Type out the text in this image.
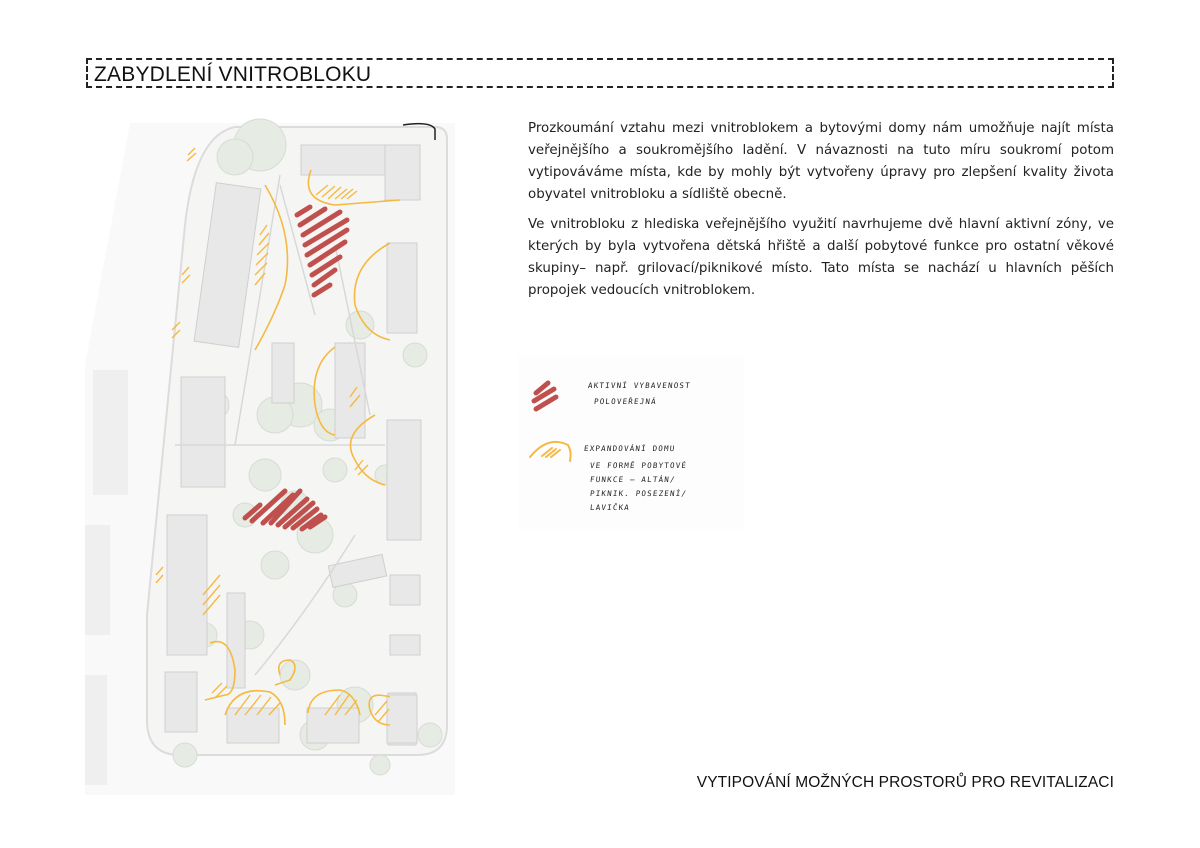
ZABYDLENÍ VNITROBLOKU

Prozkoumání vztahu mezi vnitroblokem a bytovými domy nám umožňuje najít místa veřejnějšího a soukromějšího ladění. V návaznosti na tuto míru soukromí potom vytipováváme místa, kde by mohly být vytvořeny úpravy pro zlepšení kvality života obyvatel vnitrobloku a sídliště obecně.

Ve vnitrobloku z hlediska veřejnějšího využití navrhujeme dvě hlavní aktivní zóny, ve kterých by byla vytvořena dětská hřiště a další pobytové funkce pro ostatní věkové skupiny– např. grilovací/piknikové místo. Tato místa se nachází u hlavních pěších propojek vedoucích vnitroblokem.

AKTIVNÍ VYBAVENOST
POLOVEŘEJNÁ
EXPANDOVÁNÍ DOMU
VE FORMĚ POBYTOVÉ
FUNKCE – ALTÁN/
PIKNIK. POSEZENÍ/
LAVIČKA
VYTIPOVÁNÍ MOŽNÝCH PROSTORŮ PRO REVITALIZACI
